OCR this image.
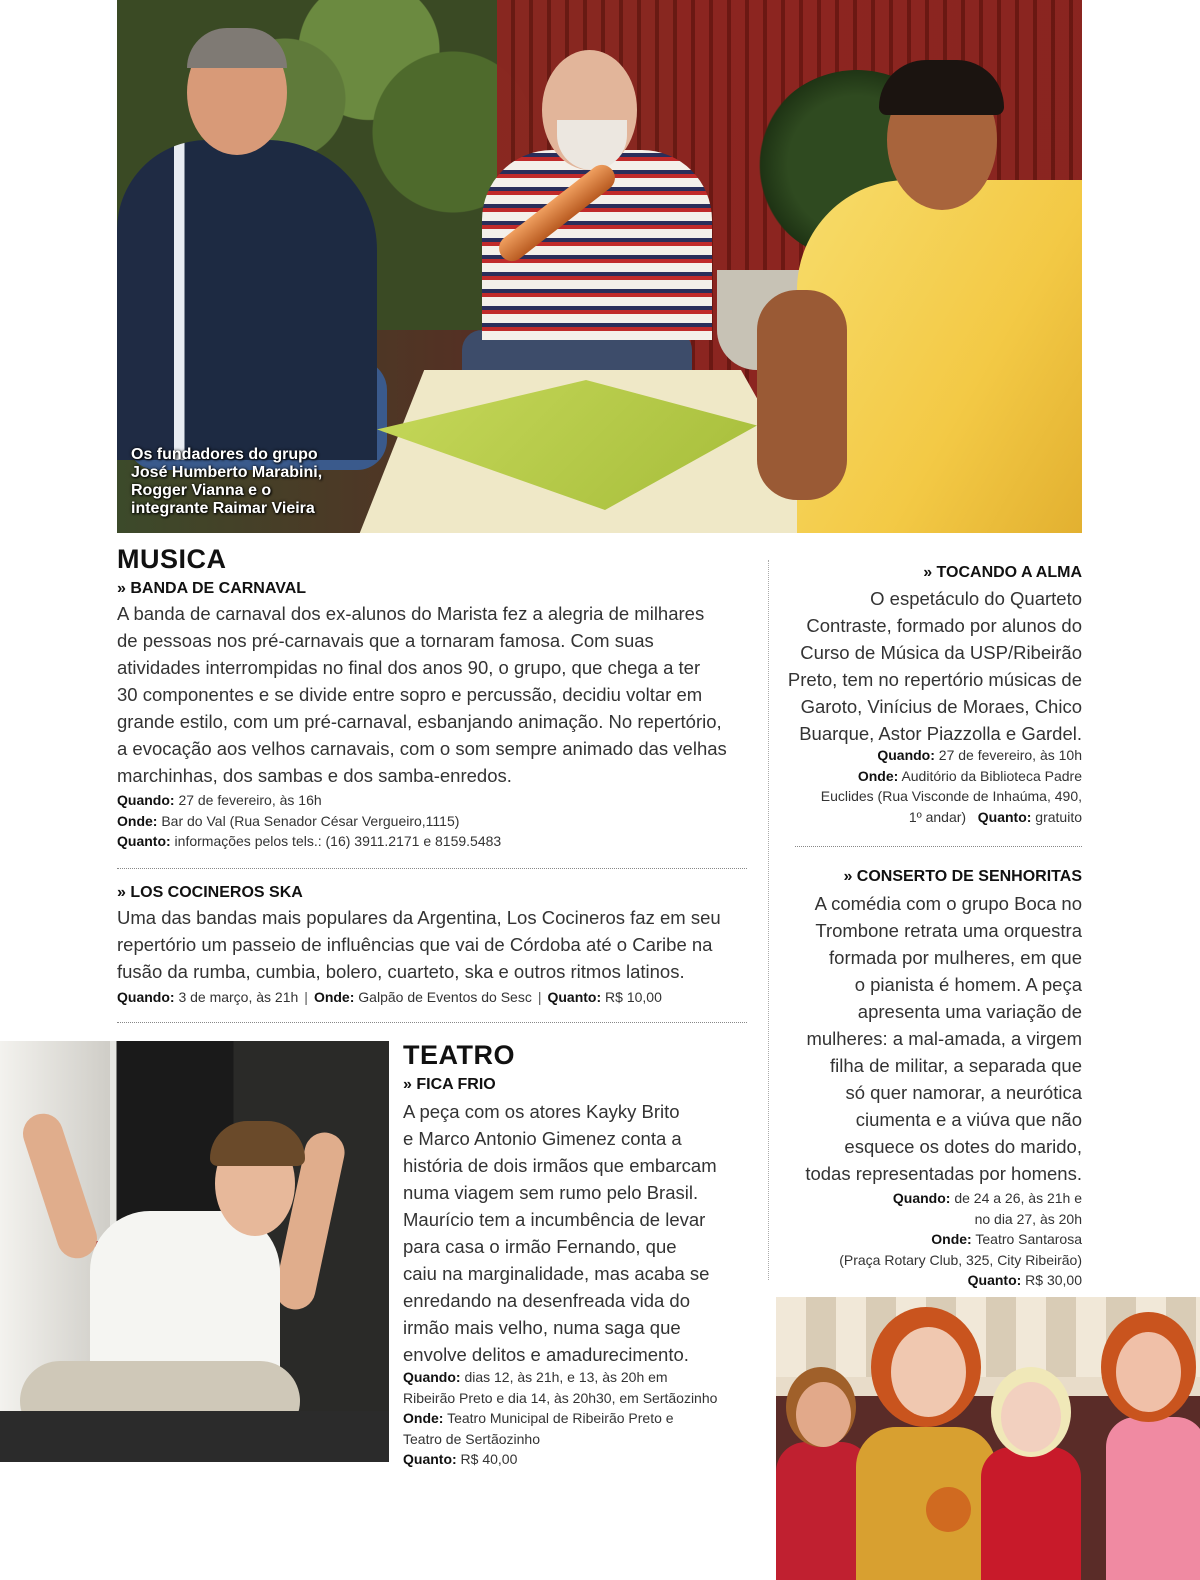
Os fundadores do grupo
José Humberto Marabini,
Rogger Vianna e o
integrante Raimar Vieira
MUSICA
» BANDA DE CARNAVAL
A banda de carnaval dos ex-alunos do Marista fez a alegria de milhares
de pessoas nos pré-carnavais que a tornaram famosa. Com suas
atividades interrompidas no final dos anos 90, o grupo, que chega a ter
30 componentes e se divide entre sopro e percussão, decidiu voltar em
grande estilo, com um pré-carnaval, esbanjando animação. No repertório,
a evocação aos velhos carnavais, com o som sempre animado das velhas
marchinhas, dos sambas e dos samba-enredos.
Quando: 27 de fevereiro, às 16h
Onde: Bar do Val (Rua Senador César Vergueiro,1115)
Quanto: informações pelos tels.: (16) 3911.2171 e 8159.5483
» LOS COCINEROS SKA
Uma das bandas mais populares da Argentina, Los Cocineros faz em seu
repertório um passeio de influências que vai de Córdoba até o Caribe na
fusão da rumba, cumbia, bolero, cuarteto, ska e outros ritmos latinos.
Quando: 3 de março, às 21h | Onde: Galpão de Eventos do Sesc | Quanto: R$ 10,00
TEATRO
» FICA FRIO
A peça com os atores Kayky Brito
e Marco Antonio Gimenez conta a
história de dois irmãos que embarcam
numa viagem sem rumo pelo Brasil.
Maurício tem a incumbência de levar
para casa o irmão Fernando, que
caiu na marginalidade, mas acaba se
enredando na desenfreada vida do
irmão mais velho, numa saga que
envolve delitos e amadurecimento.
Quando: dias 12, às 21h, e 13, às 20h em
Ribeirão Preto e dia 14, às 20h30, em Sertãozinho
Onde: Teatro Municipal de Ribeirão Preto e
Teatro de Sertãozinho
Quanto: R$ 40,00
» TOCANDO A ALMA
O espetáculo do Quarteto
Contraste, formado por alunos do
Curso de Música da USP/Ribeirão
Preto, tem no repertório músicas de
Garoto, Vinícius de Moraes, Chico
Buarque, Astor Piazzolla e Gardel.
Quando: 27 de fevereiro, às 10h
Onde: Auditório da Biblioteca Padre
Euclides (Rua Visconde de Inhaúma, 490,
1º andar) Quanto: gratuito
» CONSERTO DE SENHORITAS
A comédia com o grupo Boca no
Trombone retrata uma orquestra
formada por mulheres, em que
o pianista é homem. A peça
apresenta uma variação de
mulheres: a mal-amada, a virgem
filha de militar, a separada que
só quer namorar, a neurótica
ciumenta e a viúva que não
esquece os dotes do marido,
todas representadas por homens.
Quando: de 24 a 26, às 21h e
no dia 27, às 20h
Onde: Teatro Santarosa
(Praça Rotary Club, 325, City Ribeirão)
Quanto: R$ 30,00
